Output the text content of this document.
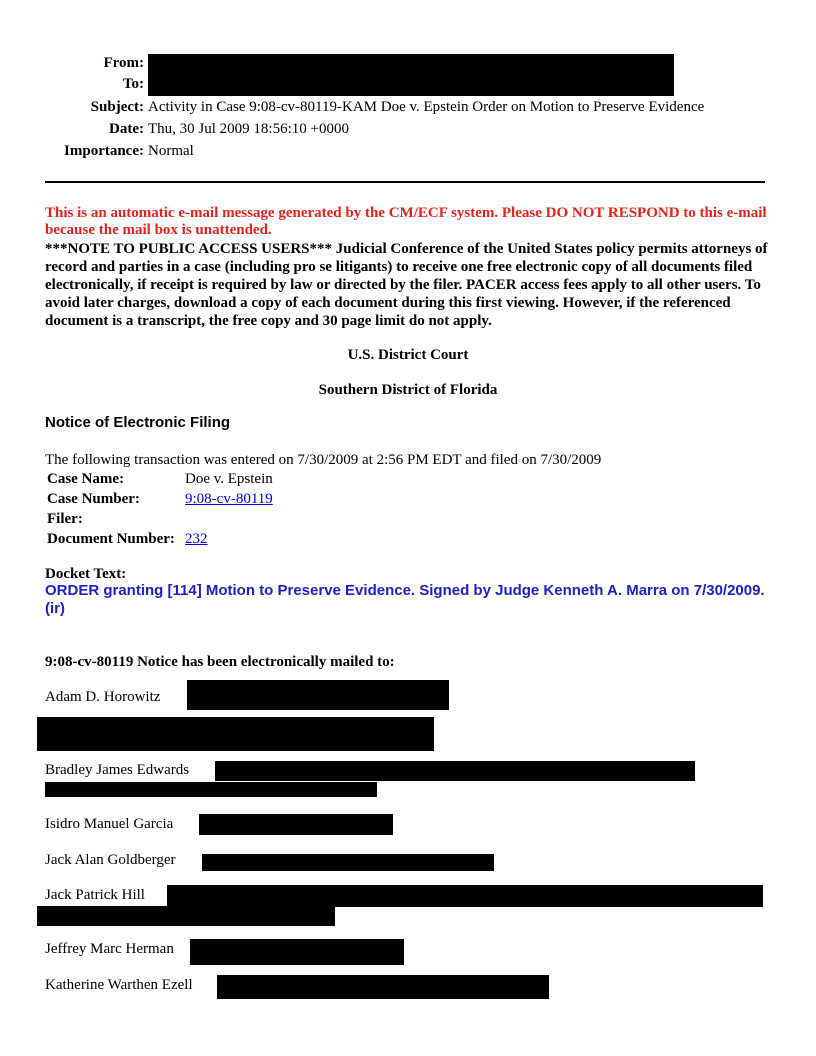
From:
To:
Subject: Activity in Case 9:08-cv-80119-KAM Doe v. Epstein Order on Motion to Preserve Evidence
Date: Thu, 30 Jul 2009 18:56:10 +0000
Importance: Normal
This is an automatic e-mail message generated by the CM/ECF system. Please DO NOT RESPOND to this e-mail because the mail box is unattended.
***NOTE TO PUBLIC ACCESS USERS*** Judicial Conference of the United States policy permits attorneys of record and parties in a case (including pro se litigants) to receive one free electronic copy of all documents filed electronically, if receipt is required by law or directed by the filer. PACER access fees apply to all other users. To avoid later charges, download a copy of each document during this first viewing. However, if the referenced document is a transcript, the free copy and 30 page limit do not apply.
U.S. District Court
Southern District of Florida
Notice of Electronic Filing
The following transaction was entered on 7/30/2009 at 2:56 PM EDT and filed on 7/30/2009
Case Name:	Doe v. Epstein
Case Number:	9:08-cv-80119
Filer:
Document Number: 232
Docket Text:
ORDER granting [114] Motion to Preserve Evidence. Signed by Judge Kenneth A. Marra on 7/30/2009. (ir)
9:08-cv-80119 Notice has been electronically mailed to:
Adam D. Horowitz
Bradley James Edwards
Isidro Manuel Garcia
Jack Alan Goldberger
Jack Patrick Hill
Jeffrey Marc Herman
Katherine Warthen Ezell
